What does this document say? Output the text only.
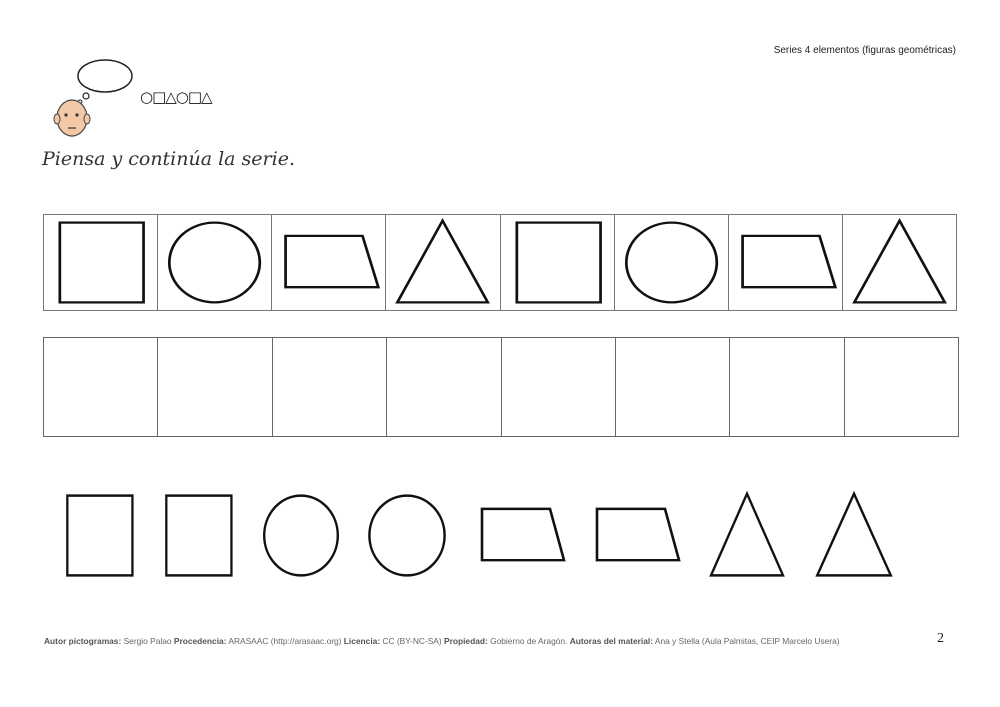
Series 4 elementos (figuras geométricas)
○□△○□△
Piensa y continúa la serie.
Autor pictogramas: Sergio Palao Procedencia: ARASAAC (http://arasaac.org) Licencia: CC (BY-NC-SA) Propiedad: Gobierno de Aragón. Autoras del material: Ana y Stella (Aula Palmitas, CEIP Marcelo Usera)	2
